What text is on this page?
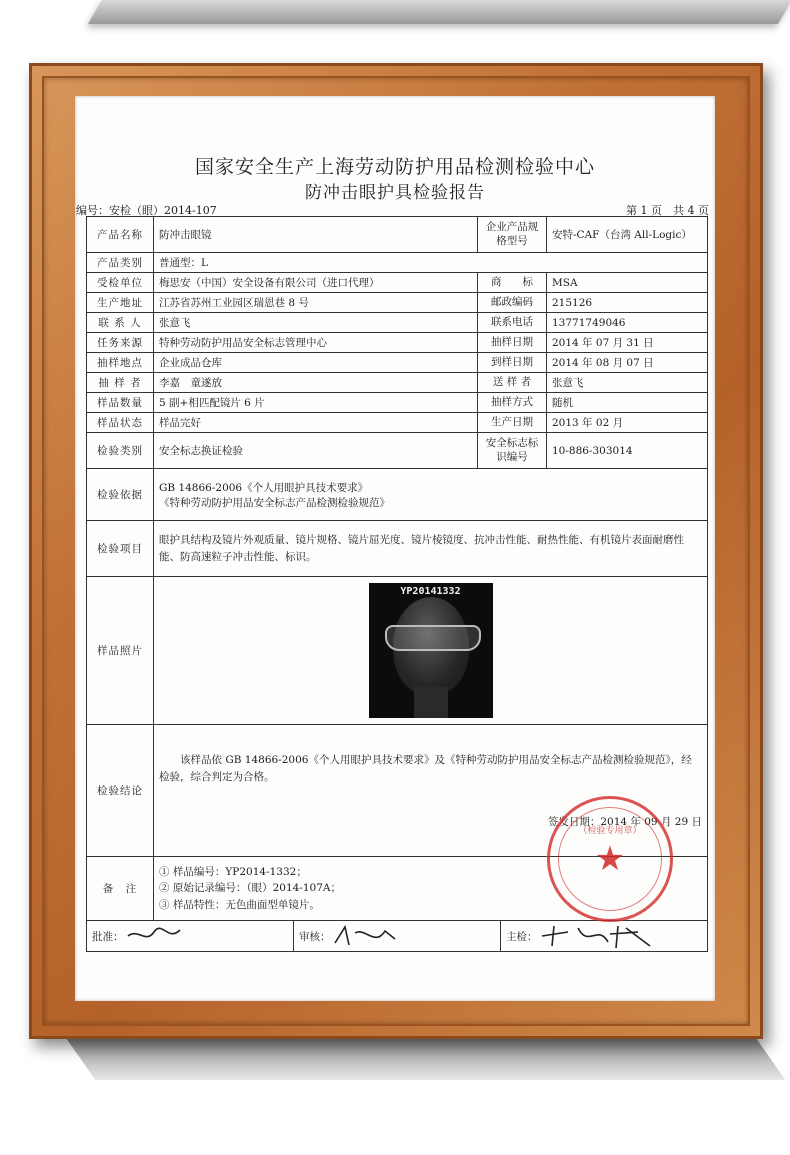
国家安全生产上海劳动防护用品检测检验中心
防冲击眼护具检验报告
编号：安检（眼）2014-107	第 1 页　共 4 页
产品名称	防冲击眼镜	企业产品规格型号	安特-CAF（台湾 All-Logic）
产品类别	普通型：L		
受检单位	梅思安（中国）安全设备有限公司（进口代理）	商　　标	MSA
生产地址	江苏省苏州工业园区瑞恩巷 8 号	邮政编码	215126
联 系 人	张意飞	联系电话	13771749046
任务来源	特种劳动防护用品安全标志管理中心	抽样日期	2014 年 07 月 31 日
抽样地点	企业成品仓库	到样日期	2014 年 08 月 07 日
抽 样 者	李嘉　童遂放	送 样 者	张意飞
样品数量	5 副+相匹配镜片 6 片	抽样方式	随机
样品状态	样品完好	生产日期	2013 年 02 月
检验类别	安全标志换证检验	安全标志标识编号	10-886-303014
检验依据	GB 14866-2006《个人用眼护具技术要求》
《特种劳动防护用品安全标志产品检测检验规范》		

检验项目	眼护具结构及镜片外观质量、镜片规格、镜片屈光度、镜片棱镜度、抗冲击性能、耐热性能、有机镜片表面耐磨性能、防高速粒子冲击性能、标识。		
样品照片	YP20141332		

检验结论	该样品依 GB 14866-2006《个人用眼护具技术要求》及《特种劳动防护用品安全标志产品检测检验规范》，经检验，综合判定为合格。
签发日期：2014 年 09 月 29 日		

备　注	① 样品编号：YP2014-1332；
② 原始记录编号：（眼）2014-107A；
③ 样品特性：无色曲面型单镜片。		

批准： 审核： 主检：			
（检验专用章）
★
